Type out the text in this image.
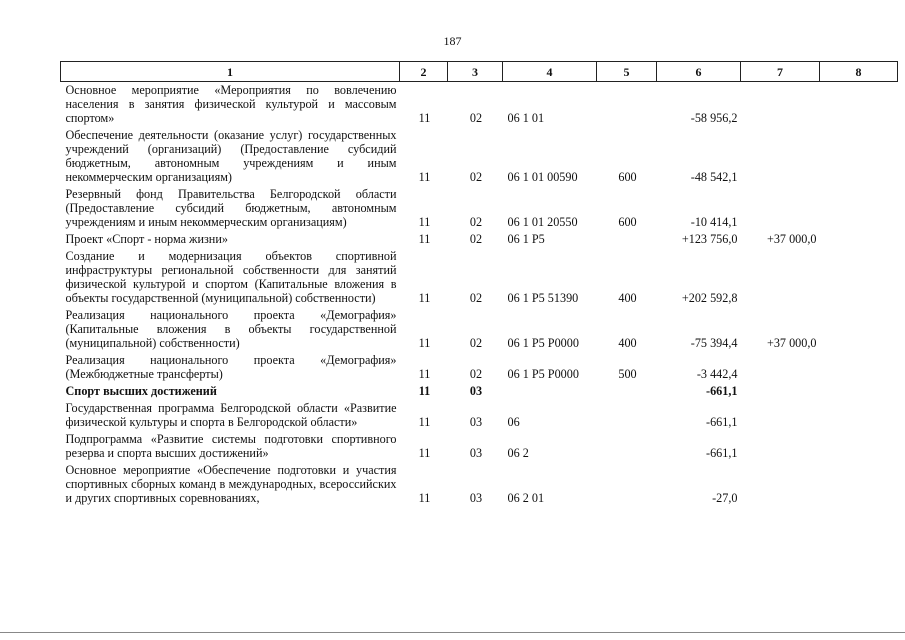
187
1	2	3	4	5	6	7	8
Основное мероприятие «Мероприятия по вовлечению населения в занятия физической культурой и массовым спортом»	11	02	06 1 01		-58 956,2		
Обеспечение деятельности (оказание услуг) государственных учреждений (организаций) (Предоставление субсидий бюджетным, автономным учреждениям и иным некоммерческим организациям)	11	02	06 1 01 00590	600	-48 542,1		
Резервный фонд Правительства Белгородской области (Предоставление субсидий бюджетным, автономным учреждениям и иным некоммерческим организациям)	11	02	06 1 01 20550	600	-10 414,1		
Проект «Спорт - норма жизни»	11	02	06 1 P5		+123 756,0	+37 000,0	
Создание и модернизация объектов спортивной инфраструктуры региональной собственности для занятий физической культурой и спортом (Капитальные вложения в объекты государственной (муниципальной) собственности)	11	02	06 1 P5 51390	400	+202 592,8		
Реализация национального проекта «Демография» (Капитальные вложения в объекты государственной (муниципальной) собственности)	11	02	06 1 P5 P0000	400	-75 394,4	+37 000,0	
Реализация национального проекта «Демография» (Межбюджетные трансферты)	11	02	06 1 P5 P0000	500	-3 442,4		
Спорт высших достижений	11	03			-661,1		
Государственная программа Белгородской области «Развитие физической культуры и спорта в Белгородской области»	11	03	06		-661,1		
Подпрограмма «Развитие системы подготовки спортивного резерва и спорта высших достижений»	11	03	06 2		-661,1		
Основное мероприятие «Обеспечение подготовки и участия спортивных сборных команд в международных, всероссийских и других спортивных соревнованиях,	11	03	06 2 01		-27,0		
